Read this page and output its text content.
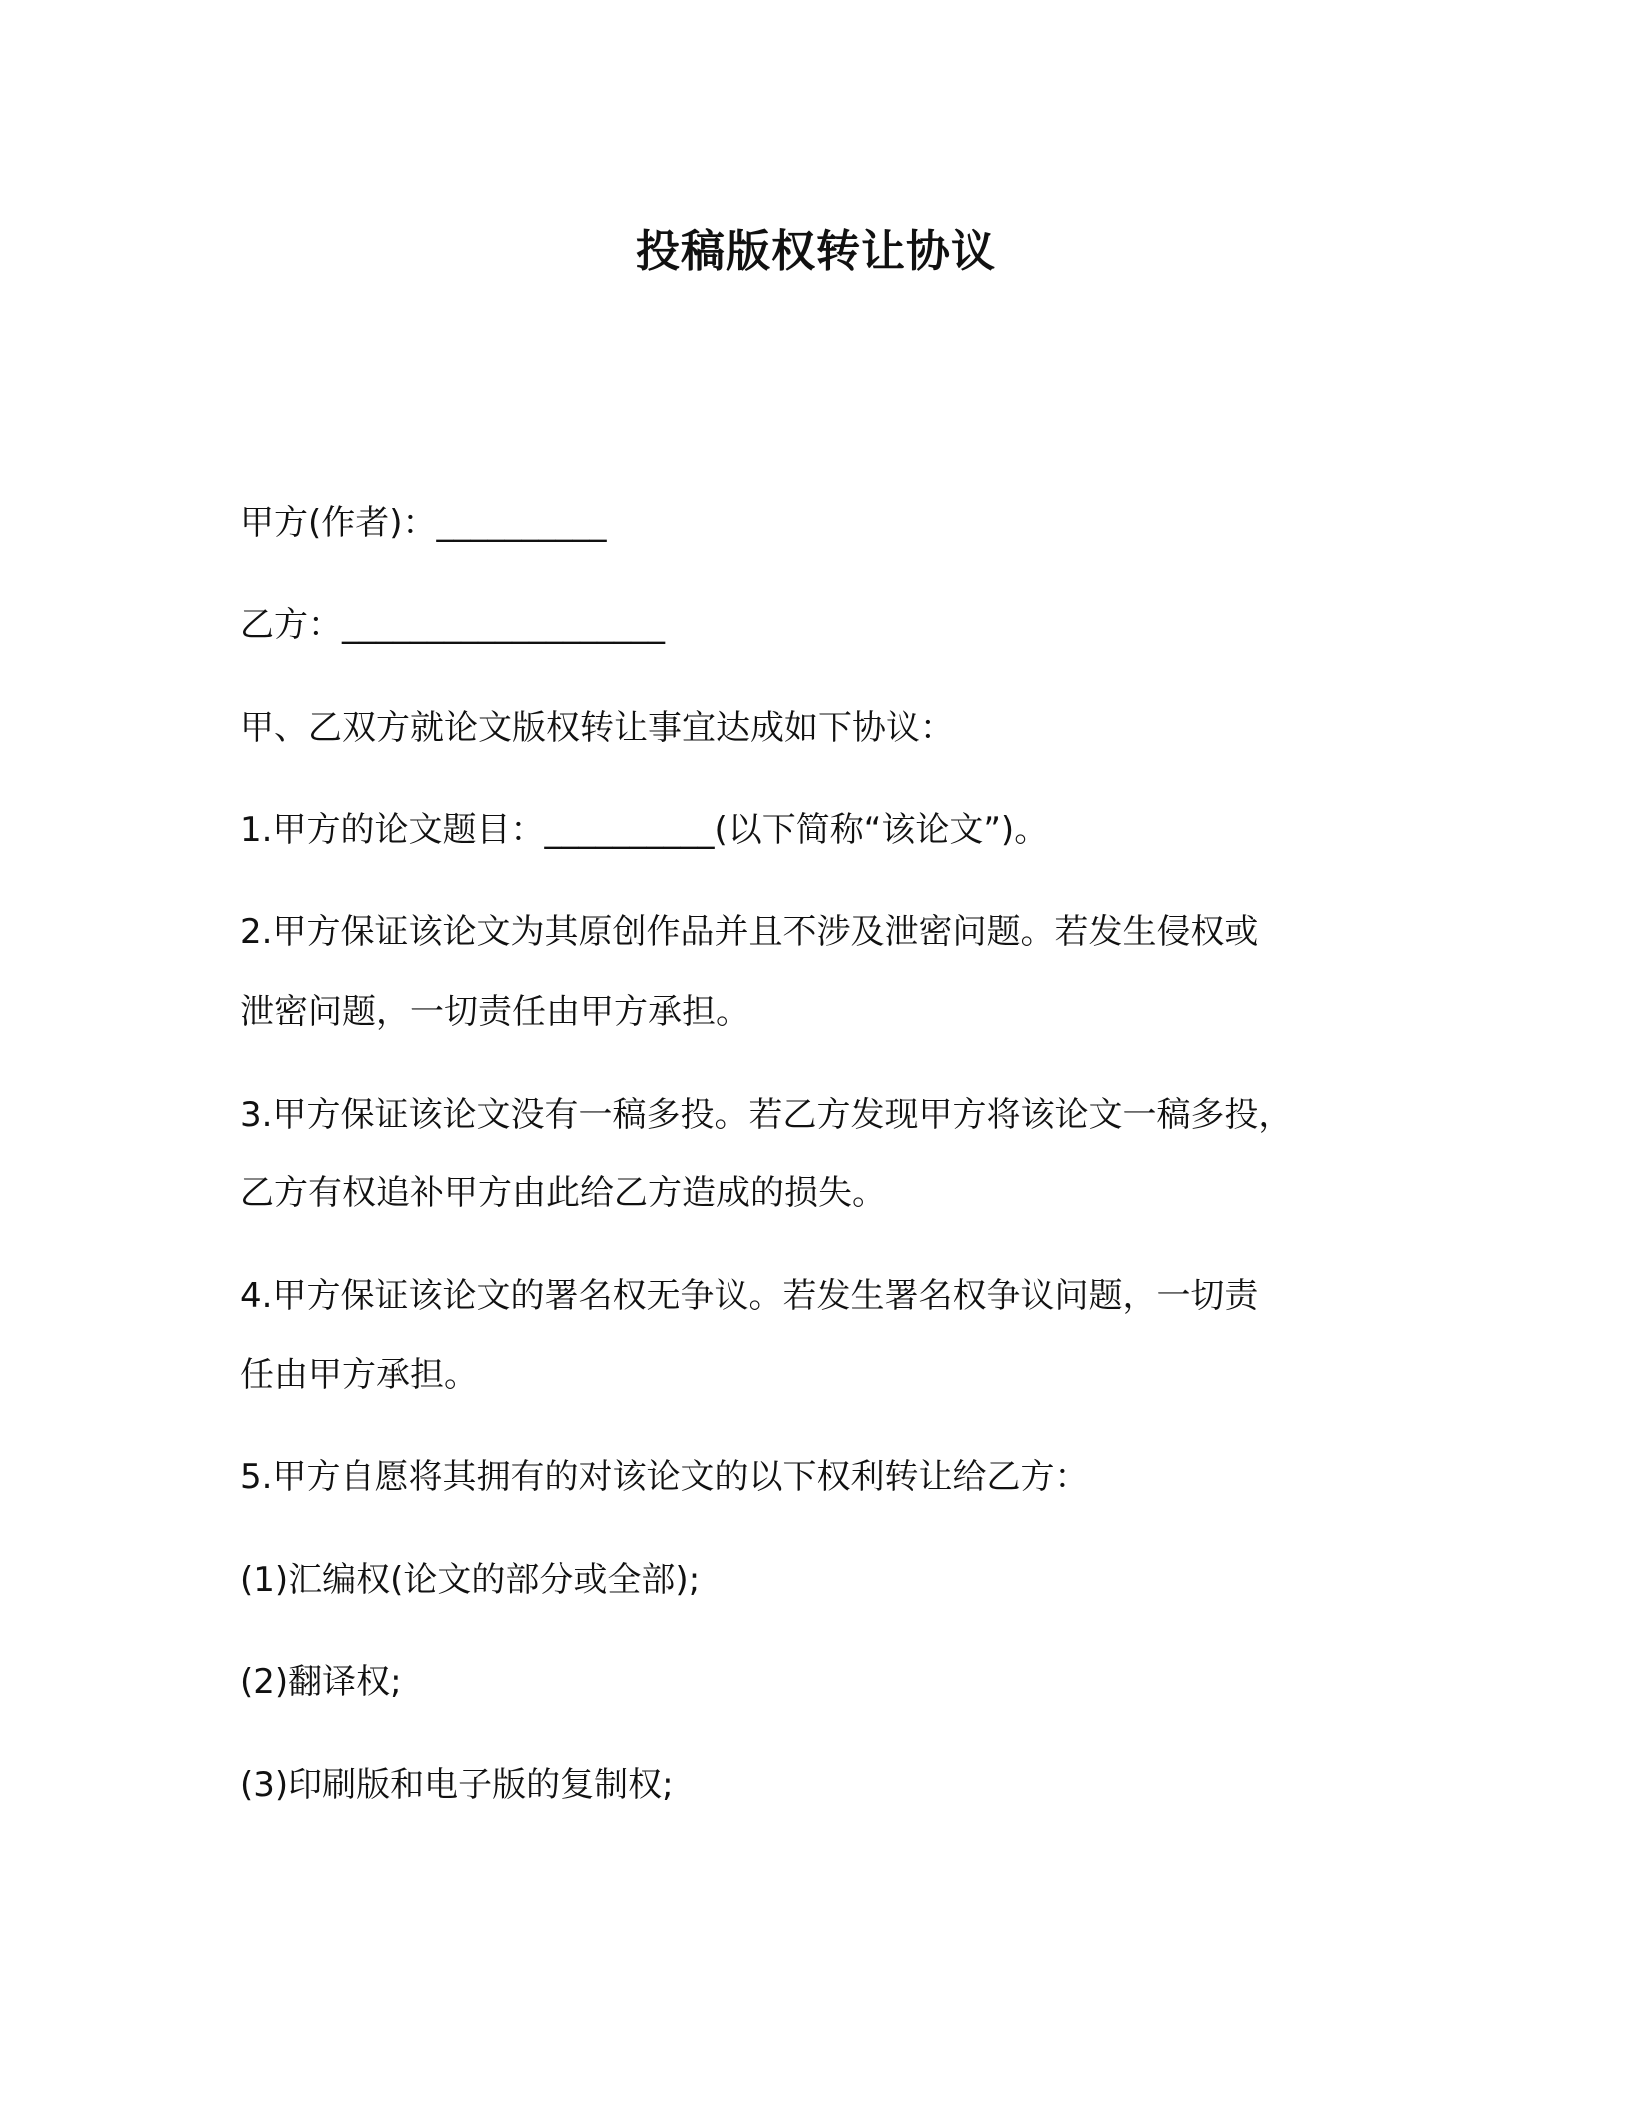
投稿版权转让协议

甲方(作者)：__________

乙方：___________________

甲、乙双方就论文版权转让事宜达成如下协议：

1.甲方的论文题目：__________(以下简称“该论文”)。

2.甲方保证该论文为其原创作品并且不涉及泄密问题。若发生侵权或

泄密问题，一切责任由甲方承担。

3.甲方保证该论文没有一稿多投。若乙方发现甲方将该论文一稿多投，

乙方有权追补甲方由此给乙方造成的损失。

4.甲方保证该论文的署名权无争议。若发生署名权争议问题，一切责

任由甲方承担。

5.甲方自愿将其拥有的对该论文的以下权利转让给乙方：

(1)汇编权(论文的部分或全部);

(2)翻译权;

(3)印刷版和电子版的复制权;
